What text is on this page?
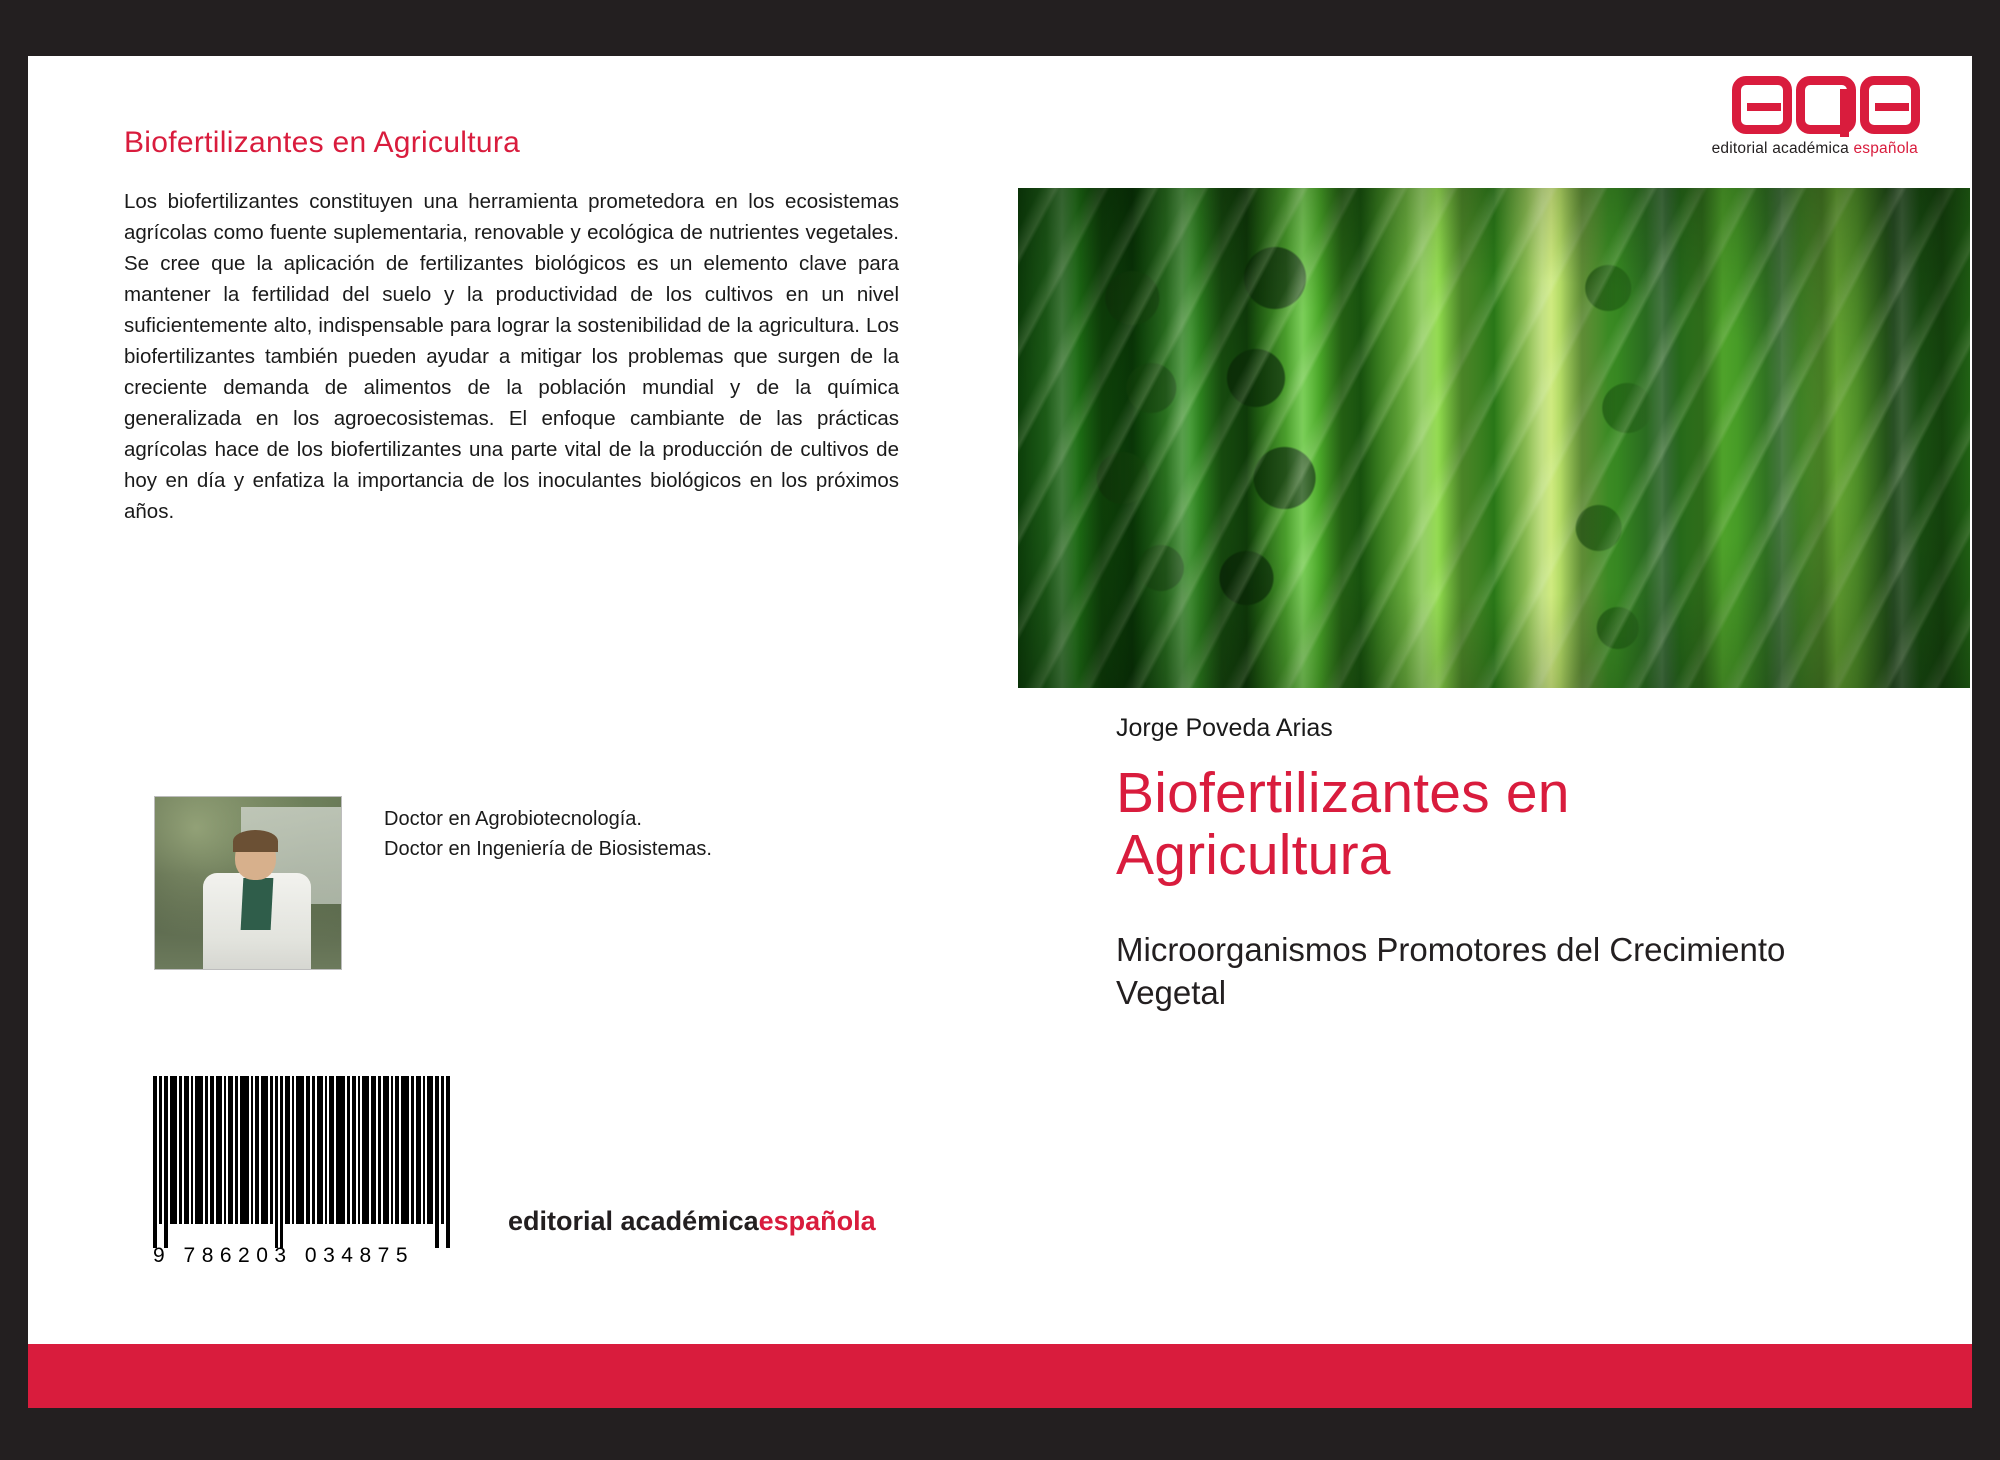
Biofertilizantes en Agricultura
Los biofertilizantes constituyen una herramienta prometedora en los ecosistemas agrícolas como fuente suplementaria, renovable y ecológica de nutrientes vegetales. Se cree que la aplicación de fertilizantes biológicos es un elemento clave para mantener la fertilidad del suelo y la productividad de los cultivos en un nivel suficientemente alto, indispensable para lograr la sostenibilidad de la agricultura. Los biofertilizantes también pueden ayudar a mitigar los problemas que surgen de la creciente demanda de alimentos de la población mundial y de la química generalizada en los agroecosistemas. El enfoque cambiante de las prácticas agrícolas hace de los biofertilizantes una parte vital de la producción de cultivos de hoy en día y enfatiza la importancia de los inoculantes biológicos en los próximos años.
Doctor en Agrobiotecnología.
Doctor en Ingeniería de Biosistemas.
9 786203 034875
editorial académicaespañola
editorial académica española
Jorge Poveda Arias
Biofertilizantes en Agricultura
Microorganismos Promotores del Crecimiento Vegetal
